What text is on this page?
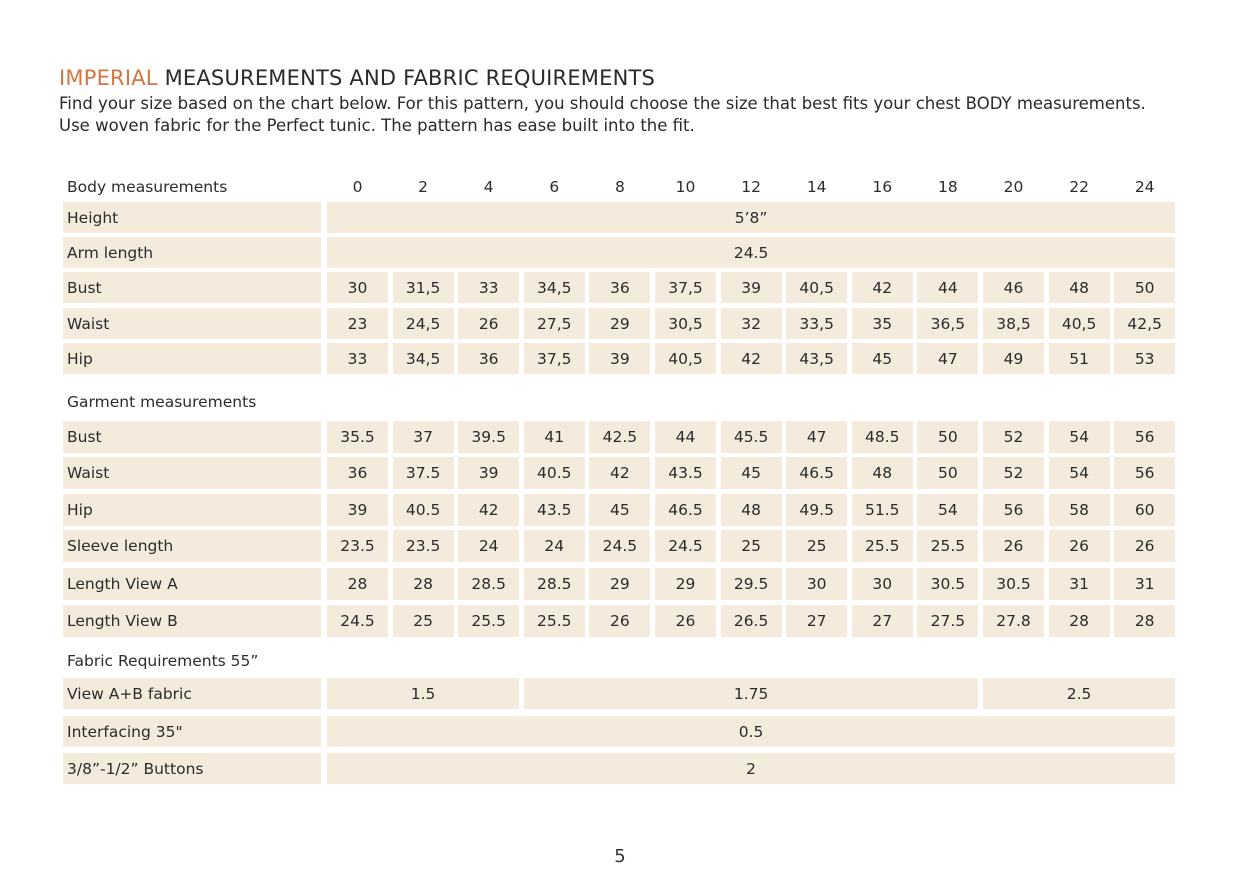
IMPERIAL MEASUREMENTS AND FABRIC REQUIREMENTS
Find your size based on the chart below. For this pattern, you should choose the size that best fits your chest BODY measurements.
Use woven fabric for the Perfect tunic. The pattern has ease built into the fit.
Body measurements	0	2	4	6	8	10	12	14	16	18	20	22	24
Height	5’8”
Arm length	24.5
Bust	30	31,5	33	34,5	36	37,5	39	40,5	42	44	46	48	50
Waist	23	24,5	26	27,5	29	30,5	32	33,5	35	36,5	38,5	40,5	42,5
Hip	33	34,5	36	37,5	39	40,5	42	43,5	45	47	49	51	53
Garment measurements
Bust	35.5	37	39.5	41	42.5	44	45.5	47	48.5	50	52	54	56
Waist	36	37.5	39	40.5	42	43.5	45	46.5	48	50	52	54	56
Hip	39	40.5	42	43.5	45	46.5	48	49.5	51.5	54	56	58	60
Sleeve length	23.5	23.5	24	24	24.5	24.5	25	25	25.5	25.5	26	26	26
Length View A	28	28	28.5	28.5	29	29	29.5	30	30	30.5	30.5	31	31
Length View B	24.5	25	25.5	25.5	26	26	26.5	27	27	27.5	27.8	28	28
Fabric Requirements 55”
View A+B fabric	1.5	1.75	2.5
Interfacing 35"	0.5
3/8”-1/2” Buttons	2
5
